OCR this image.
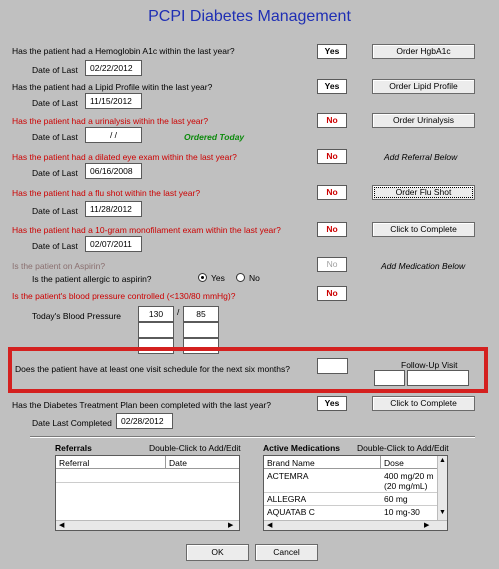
PCPI Diabetes Management
Has the patient had a Hemoglobin A1c within the last year?	Yes	Order HgbA1c
Date of Last	02/22/2012
Has the patient had a Lipid Profile witin the last year?	Yes	Order Lipid Profile
Date of Last	11/15/2012
Has the patient had a urinalysis within the last year?	No	Order Urinalysis
Date of Last	/ /	Ordered Today
Has the patient had a dilated eye exam within the last year?	No	Add Referral Below
Date of Last	06/16/2008
Has the patient had a flu shot within the last year?	No	Order Flu Shot
Date of Last	11/28/2012
Has the patient had a 10-gram monofilament exam within the last year?	No	Click to Complete
Date of Last	02/07/2011
Is the patient on Aspirin?	No	Add Medication Below
Is the patient allergic to aspirin?	Yes	No
Is the patient's blood pressure controlled (<130/80 mmHg)?	No
Today's Blood Pressure	130	/	85
Does the patient have at least one visit schedule for the next six months?	Follow-Up Visit
Has the Diabetes Treatment Plan been completed with the last year?	Yes	Click to Complete
Date Last Completed	02/28/2012
Referrals	Double-Click to Add/Edit
Referral	Date
◀	▶
Active Medications Double-Click to Add/Edit
Brand Name	Dose
ACTEMRA	400 mg/20 m
(20 mg/mL)
ALLEGRA	60 mg
AQUATAB C	10 mg-30
▲
▼
◀	▶
OK	Cancel
